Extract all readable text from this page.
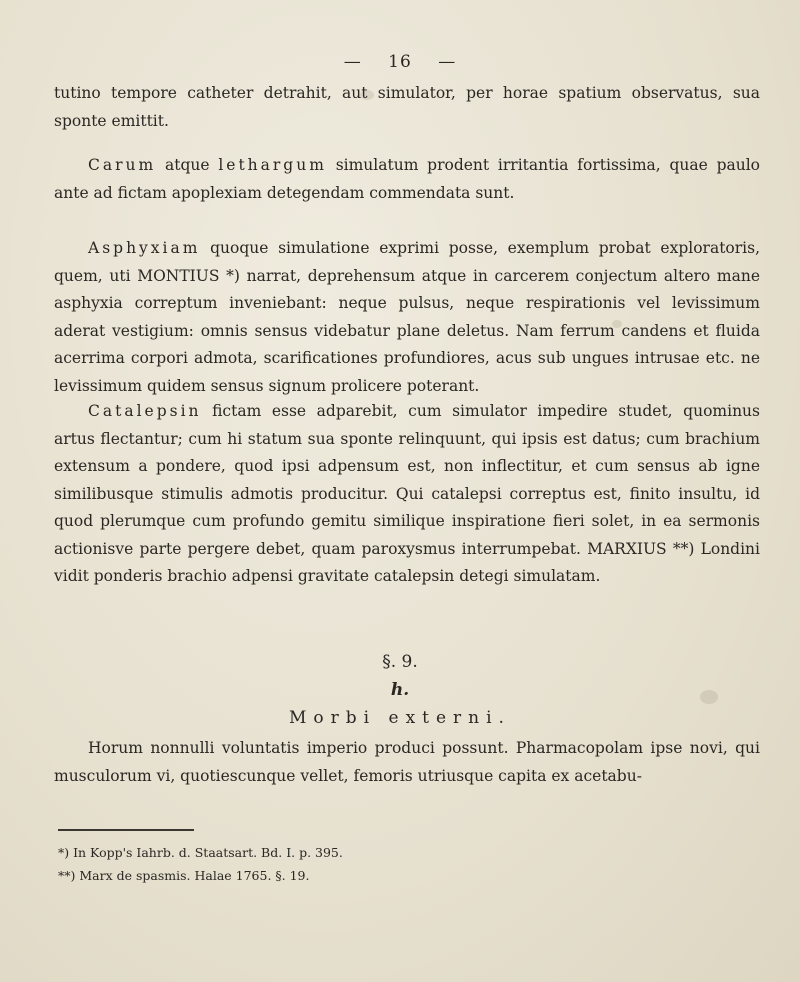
— 16 —
tutino tempore catheter detrahit, aut simulator, per horae spatium observatus, sua sponte emittit.
Carum atque lethargum simulatum prodent irritantia fortissima, quae paulo ante ad fictam apoplexiam detegendam commendata sunt.
Asphyxiam quoque simulatione exprimi posse, exemplum probat exploratoris, quem, uti MONTIUS *) narrat, deprehensum atque in carcerem conjectum altero mane asphyxia correptum inveniebant: neque pulsus, neque respirationis vel levissimum aderat vestigium: omnis sensus videbatur plane deletus. Nam ferrum candens et fluida acerrima corpori admota, scarificationes profundiores, acus sub ungues intrusae etc. ne levissimum quidem sensus signum prolicere poterant.
Catalepsin fictam esse adparebit, cum simulator impedire studet, quominus artus flectantur; cum hi statum sua sponte relinquunt, qui ipsis est datus; cum brachium extensum a pondere, quod ipsi adpensum est, non inflectitur, et cum sensus ab igne similibusque stimulis admotis producitur. Qui catalepsi correptus est, finito insultu, id quod plerumque cum profundo gemitu similique inspiratione fieri solet, in ea sermonis actionisve parte pergere debet, quam paroxysmus interrumpebat. MARXIUS **) Londini vidit ponderis brachio adpensi gravitate catalepsin detegi simulatam.
§. 9.
h.
Morbi externi.
Horum nonnulli voluntatis imperio produci possunt. Pharmacopolam ipse novi, qui musculorum vi, quotiescunque vellet, femoris utriusque capita ex acetabu-
*) In Kopp's Iahrb. d. Staatsart. Bd. I. p. 395.
**) Marx de spasmis. Halae 1765. §. 19.
